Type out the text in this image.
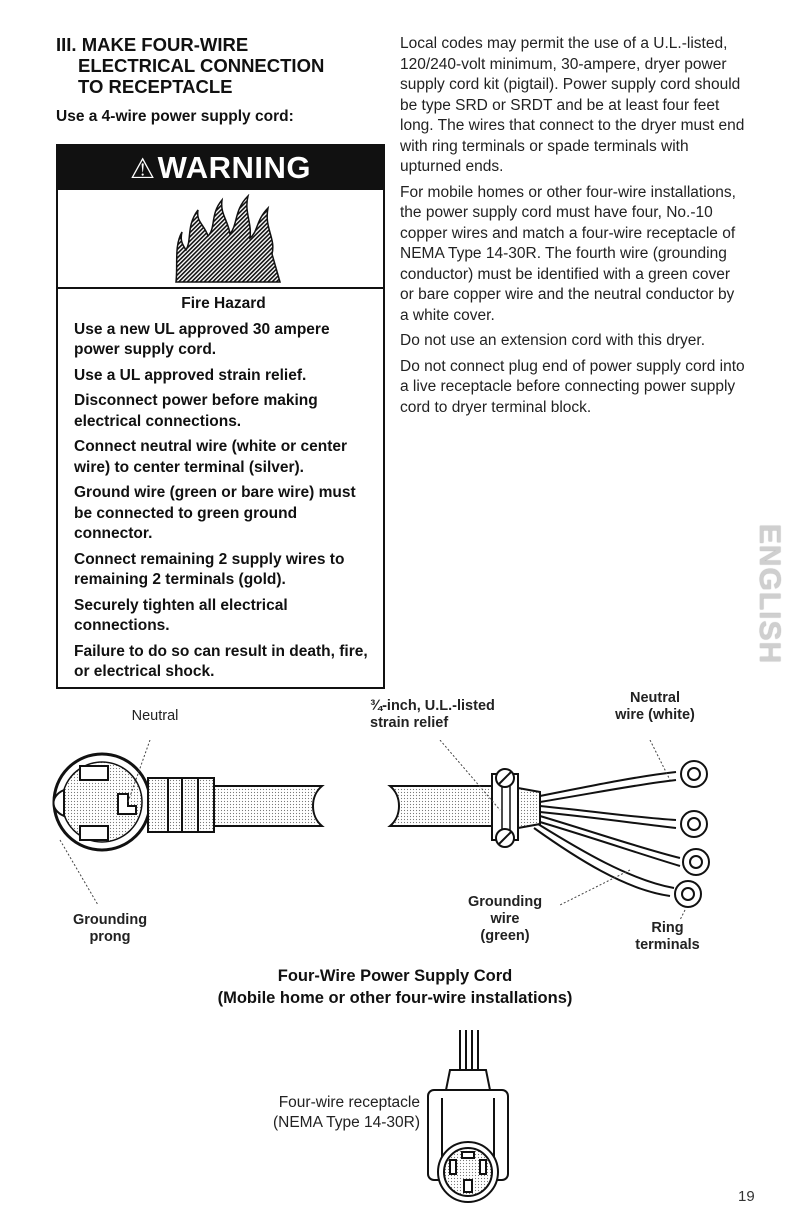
III. MAKE FOUR-WIRE
ELECTRICAL CONNECTION
TO RECEPTACLE
Use a 4-wire power supply cord:
⚠WARNING
Fire Hazard

Use a new UL approved 30 ampere power supply cord.

Use a UL approved strain relief.

Disconnect power before making electrical connections.

Connect neutral wire (white or center wire) to center terminal (silver).

Ground wire (green or bare wire) must be connected to green ground connector.

Connect remaining 2 supply wires to remaining 2 terminals (gold).

Securely tighten all electrical connections.

Failure to do so can result in death, fire, or electrical shock.

Local codes may permit the use of a U.L.-listed, 120/240-volt minimum, 30-ampere, dryer power supply cord kit (pigtail). Power supply cord should be type SRD or SRDT and be at least four feet long. The wires that connect to the dryer must end with ring terminals or spade terminals with upturned ends.

For mobile homes or other four-wire installations, the power supply cord must have four, No.-10 copper wires and match a four-wire receptacle of NEMA Type 14-30R. The fourth wire (grounding conductor) must be identified with a green cover or bare copper wire and the neutral conductor by a white cover.

Do not use an extension cord with this dryer.

Do not connect plug end of power supply cord into a live receptacle before connecting power supply cord to dryer terminal block.

ENGLISH
Neutral
¾-inch, U.L.-listed
strain relief
Neutral
wire (white)
Grounding
prong
Grounding
wire
(green)	Ring
terminals
Four-Wire Power Supply Cord
(Mobile home or other four-wire installations)
Four-wire receptacle
(NEMA Type 14-30R)
19
